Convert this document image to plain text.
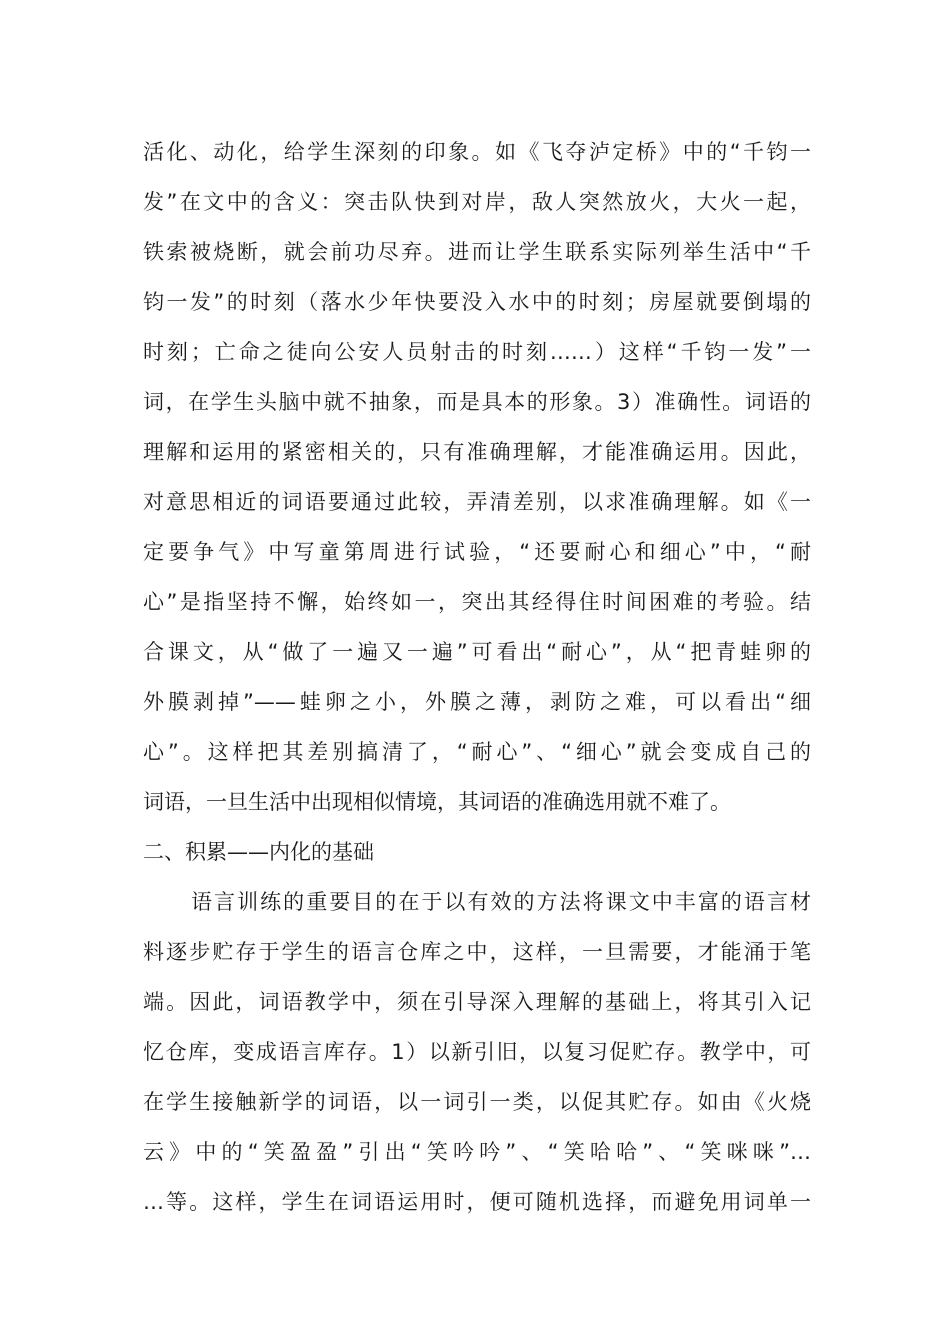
活化、动化，给学生深刻的印象。如《飞夺泸定桥》中的“千钧一
发”在文中的含义：突击队快到对岸，敌人突然放火，大火一起，
铁索被烧断，就会前功尽弃。进而让学生联系实际列举生活中“千
钧一发”的时刻（落水少年快要没入水中的时刻；房屋就要倒塌的
时刻；亡命之徒向公安人员射击的时刻……）这样“千钧一发”一
词，在学生头脑中就不抽象，而是具本的形象。3）准确性。词语的
理解和运用的紧密相关的，只有准确理解，才能准确运用。因此，
对意思相近的词语要通过此较，弄清差别，以求准确理解。如《一
定要争气》中写童第周进行试验，“还要耐心和细心”中，“耐
心”是指坚持不懈，始终如一，突出其经得住时间困难的考验。结
合课文，从“做了一遍又一遍”可看出“耐心”，从“把青蛙卵的
外膜剥掉”——蛙卵之小，外膜之薄，剥防之难，可以看出“细
心”。这样把其差别搞清了，“耐心”、“细心”就会变成自己的
词语，一旦生活中出现相似情境，其词语的准确选用就不难了。
二、积累——内化的基础
语言训练的重要目的在于以有效的方法将课文中丰富的语言材
料逐步贮存于学生的语言仓库之中，这样，一旦需要，才能涌于笔
端。因此，词语教学中，须在引导深入理解的基础上，将其引入记
忆仓库，变成语言库存。1）以新引旧，以复习促贮存。教学中，可
在学生接触新学的词语，以一词引一类，以促其贮存。如由《火烧
云》中的“笑盈盈”引出“笑吟吟”、“笑哈哈”、“笑咪咪”…
…等。这样，学生在词语运用时，便可随机选择，而避免用词单一
